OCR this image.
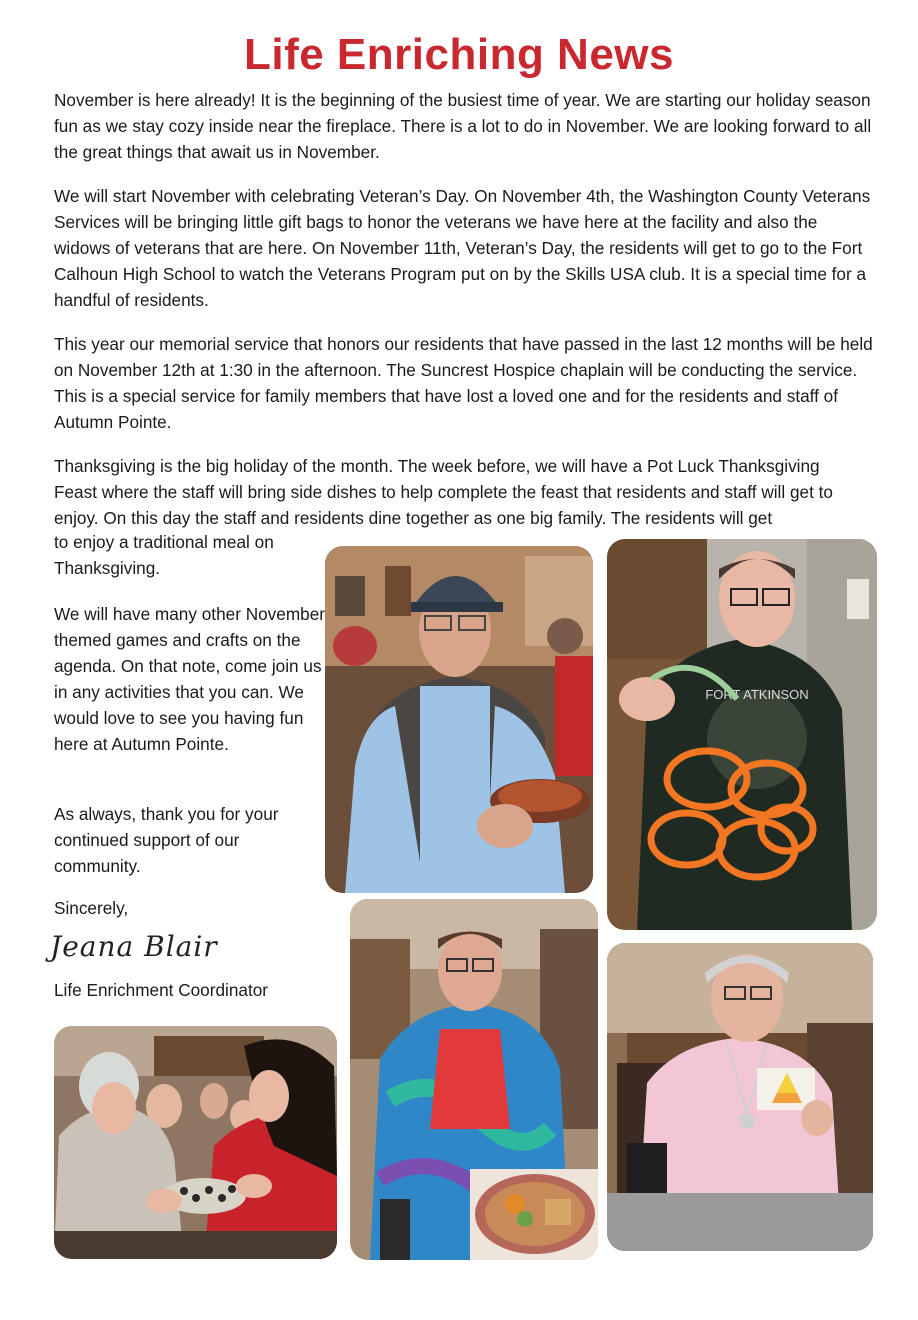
Life Enriching News

November is here already! It is the beginning of the busiest time of year. We are starting our holiday season fun as we stay cozy inside near the fireplace. There is a lot to do in November. We are looking forward to all the great things that await us in November.

We will start November with celebrating Veteran’s Day. On November 4th, the Washington County Veterans Services will be bringing little gift bags to honor the veterans we have here at the facility and also the widows of veterans that are here. On November 11th, Veteran’s Day, the residents will get to go to the Fort Calhoun High School to watch the Veterans Program put on by the Skills USA club. It is a special time for a handful of residents.

This year our memorial service that honors our residents that have passed in the last 12 months will be held on November 12th at 1:30 in the afternoon. The Suncrest Hospice chaplain will be conducting the service. This is a special service for family members that have lost a loved one and for the residents and staff of Autumn Pointe.

Thanksgiving is the big holiday of the month. The week before, we will have a Pot Luck Thanksgiving Feast where the staff will bring side dishes to help complete the feast that residents and staff will get to enjoy. On this day the staff and residents dine together as one big family. The residents will get

to enjoy a traditional meal on Thanksgiving.

We will have many other November themed games and crafts on the agenda. On that note, come join us in any activities that you can. We would love to see you having fun here at Autumn Pointe.

As always, thank you for your continued support of our community.

Sincerely,

Jeana Blair

Life Enrichment Coordinator

FORT ATKINSON
